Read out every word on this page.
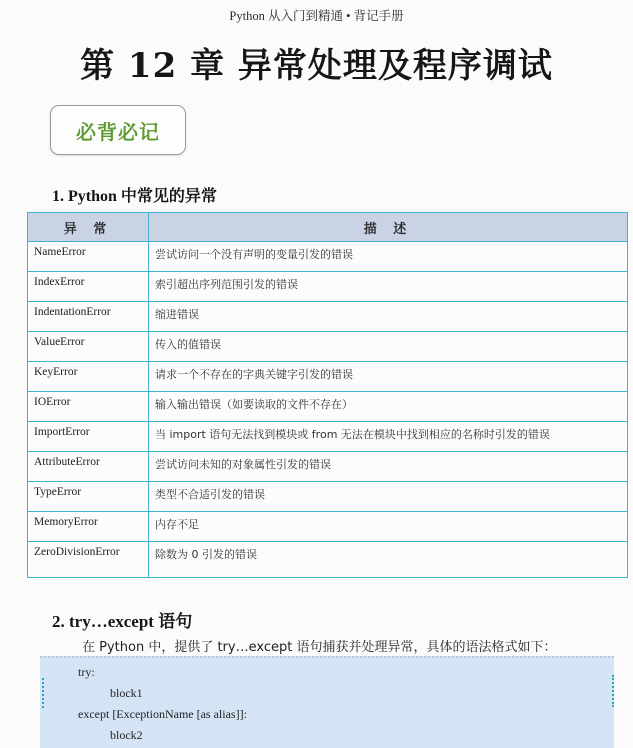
Python 从入门到精通 • 背记手册
第 12 章 异常处理及程序调试
必背必记
1. Python 中常见的异常
异 常	描 述
NameError	尝试访问一个没有声明的变量引发的错误
IndexError	索引超出序列范围引发的错误
IndentationError	缩进错误
ValueError	传入的值错误
KeyError	请求一个不存在的字典关键字引发的错误
IOError	输入输出错误（如要读取的文件不存在）
ImportError	当 import 语句无法找到模块或 from 无法在模块中找到相应的名称时引发的错误
AttributeError	尝试访问未知的对象属性引发的错误
TypeError	类型不合适引发的错误
MemoryError	内存不足
ZeroDivisionError	除数为 0 引发的错误
2. try…except 语句
在 Python 中，提供了 try…except 语句捕获并处理异常，具体的语法格式如下：
try:
block1
except [ExceptionName [as alias]]:
block2
